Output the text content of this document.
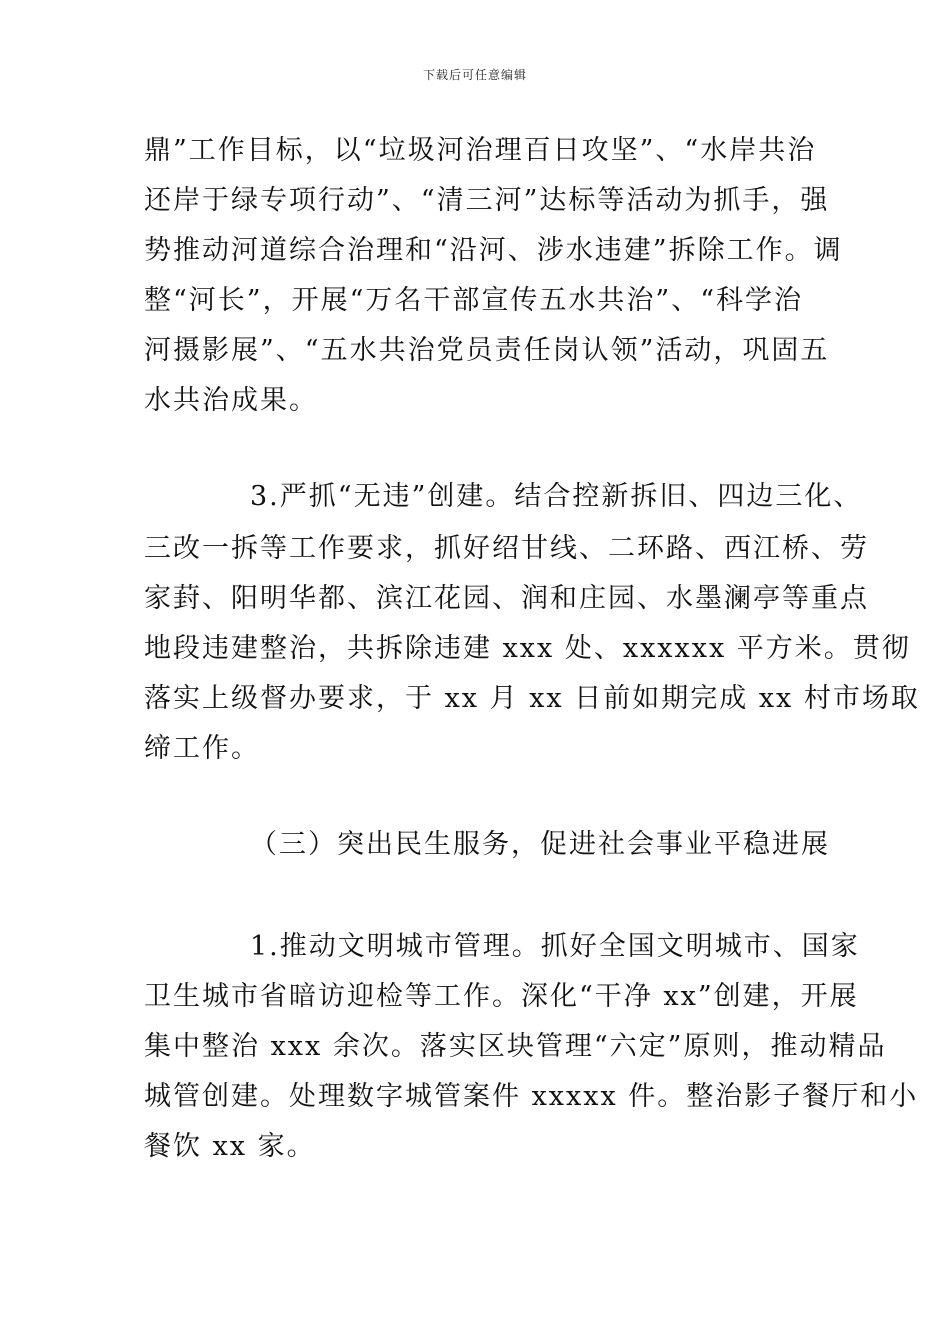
下载后可任意编辑
鼎”工作目标，以“垃圾河治理百日攻坚”、“水岸共治
还岸于绿专项行动”、“清三河”达标等活动为抓手，强
势推动河道综合治理和“沿河、涉水违建”拆除工作。调
整“河长”，开展“万名干部宣传五水共治”、“科学治
河摄影展”、“五水共治党员责任岗认领”活动，巩固五
水共治成果。
3.严抓“无违”创建。结合控新拆旧、四边三化、
三改一拆等工作要求，抓好绍甘线、二环路、西江桥、劳
家葑、阳明华都、滨江花园、润和庄园、水墨澜亭等重点
地段违建整治，共拆除违建 xxx 处、xxxxxx 平方米。贯彻
落实上级督办要求，于 xx 月 xx 日前如期完成 xx 村市场取
缔工作。
（三）突出民生服务，促进社会事业平稳进展
1.推动文明城市管理。抓好全国文明城市、国家
卫生城市省暗访迎检等工作。深化“干净 xx”创建，开展
集中整治 xxx 余次。落实区块管理“六定”原则，推动精品
城管创建。处理数字城管案件 xxxxx 件。整治影子餐厅和小
餐饮 xx 家。
